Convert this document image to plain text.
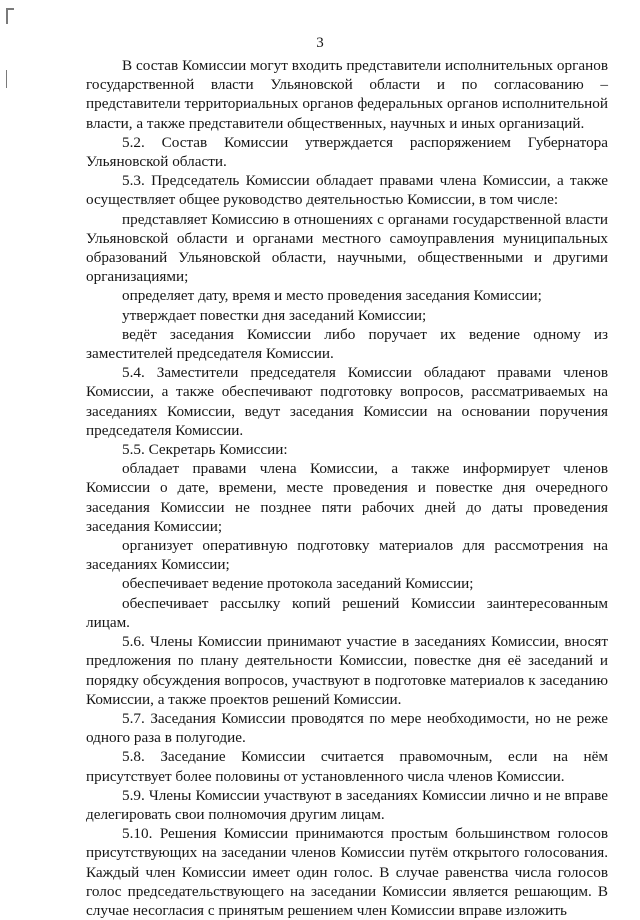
3

В состав Комиссии могут входить представители исполнительных органов государственной власти Ульяновской области и по согласованию – представители территориальных органов федеральных органов исполнительной власти, а также представители общественных, научных и иных организаций.

5.2. Состав Комиссии утверждается распоряжением Губернатора Ульяновской области.

5.3. Председатель Комиссии обладает правами члена Комиссии, а также осуществляет общее руководство деятельностью Комиссии, в том числе:

представляет Комиссию в отношениях с органами государственной власти Ульяновской области и органами местного самоуправления муниципальных образований Ульяновской области, научными, общественными и другими организациями;

определяет дату, время и место проведения заседания Комиссии;

утверждает повестки дня заседаний Комиссии;

ведёт заседания Комиссии либо поручает их ведение одному из заместителей председателя Комиссии.

5.4. Заместители председателя Комиссии обладают правами членов Комиссии, а также обеспечивают подготовку вопросов, рассматриваемых на заседаниях Комиссии, ведут заседания Комиссии на основании поручения председателя Комиссии.

5.5. Секретарь Комиссии:

обладает правами члена Комиссии, а также информирует членов Комиссии о дате, времени, месте проведения и повестке дня очередного заседания Комиссии не позднее пяти рабочих дней до даты проведения заседания Комиссии;

организует оперативную подготовку материалов для рассмотрения на заседаниях Комиссии;

обеспечивает ведение протокола заседаний Комиссии;

обеспечивает рассылку копий решений Комиссии заинтересованным лицам.

5.6. Члены Комиссии принимают участие в заседаниях Комиссии, вносят предложения по плану деятельности Комиссии, повестке дня её заседаний и порядку обсуждения вопросов, участвуют в подготовке материалов к заседанию Комиссии, а также проектов решений Комиссии.

5.7. Заседания Комиссии проводятся по мере необходимости, но не реже одного раза в полугодие.

5.8. Заседание Комиссии считается правомочным, если на нём присутствует более половины от установленного числа членов Комиссии.

5.9. Члены Комиссии участвуют в заседаниях Комиссии лично и не вправе делегировать свои полномочия другим лицам.

5.10. Решения Комиссии принимаются простым большинством голосов присутствующих на заседании членов Комиссии путём открытого голосования. Каждый член Комиссии имеет один голос. В случае равенства числа голосов голос председательствующего на заседании Комиссии является решающим. В случае несогласия с принятым решением член Комиссии вправе изложить
